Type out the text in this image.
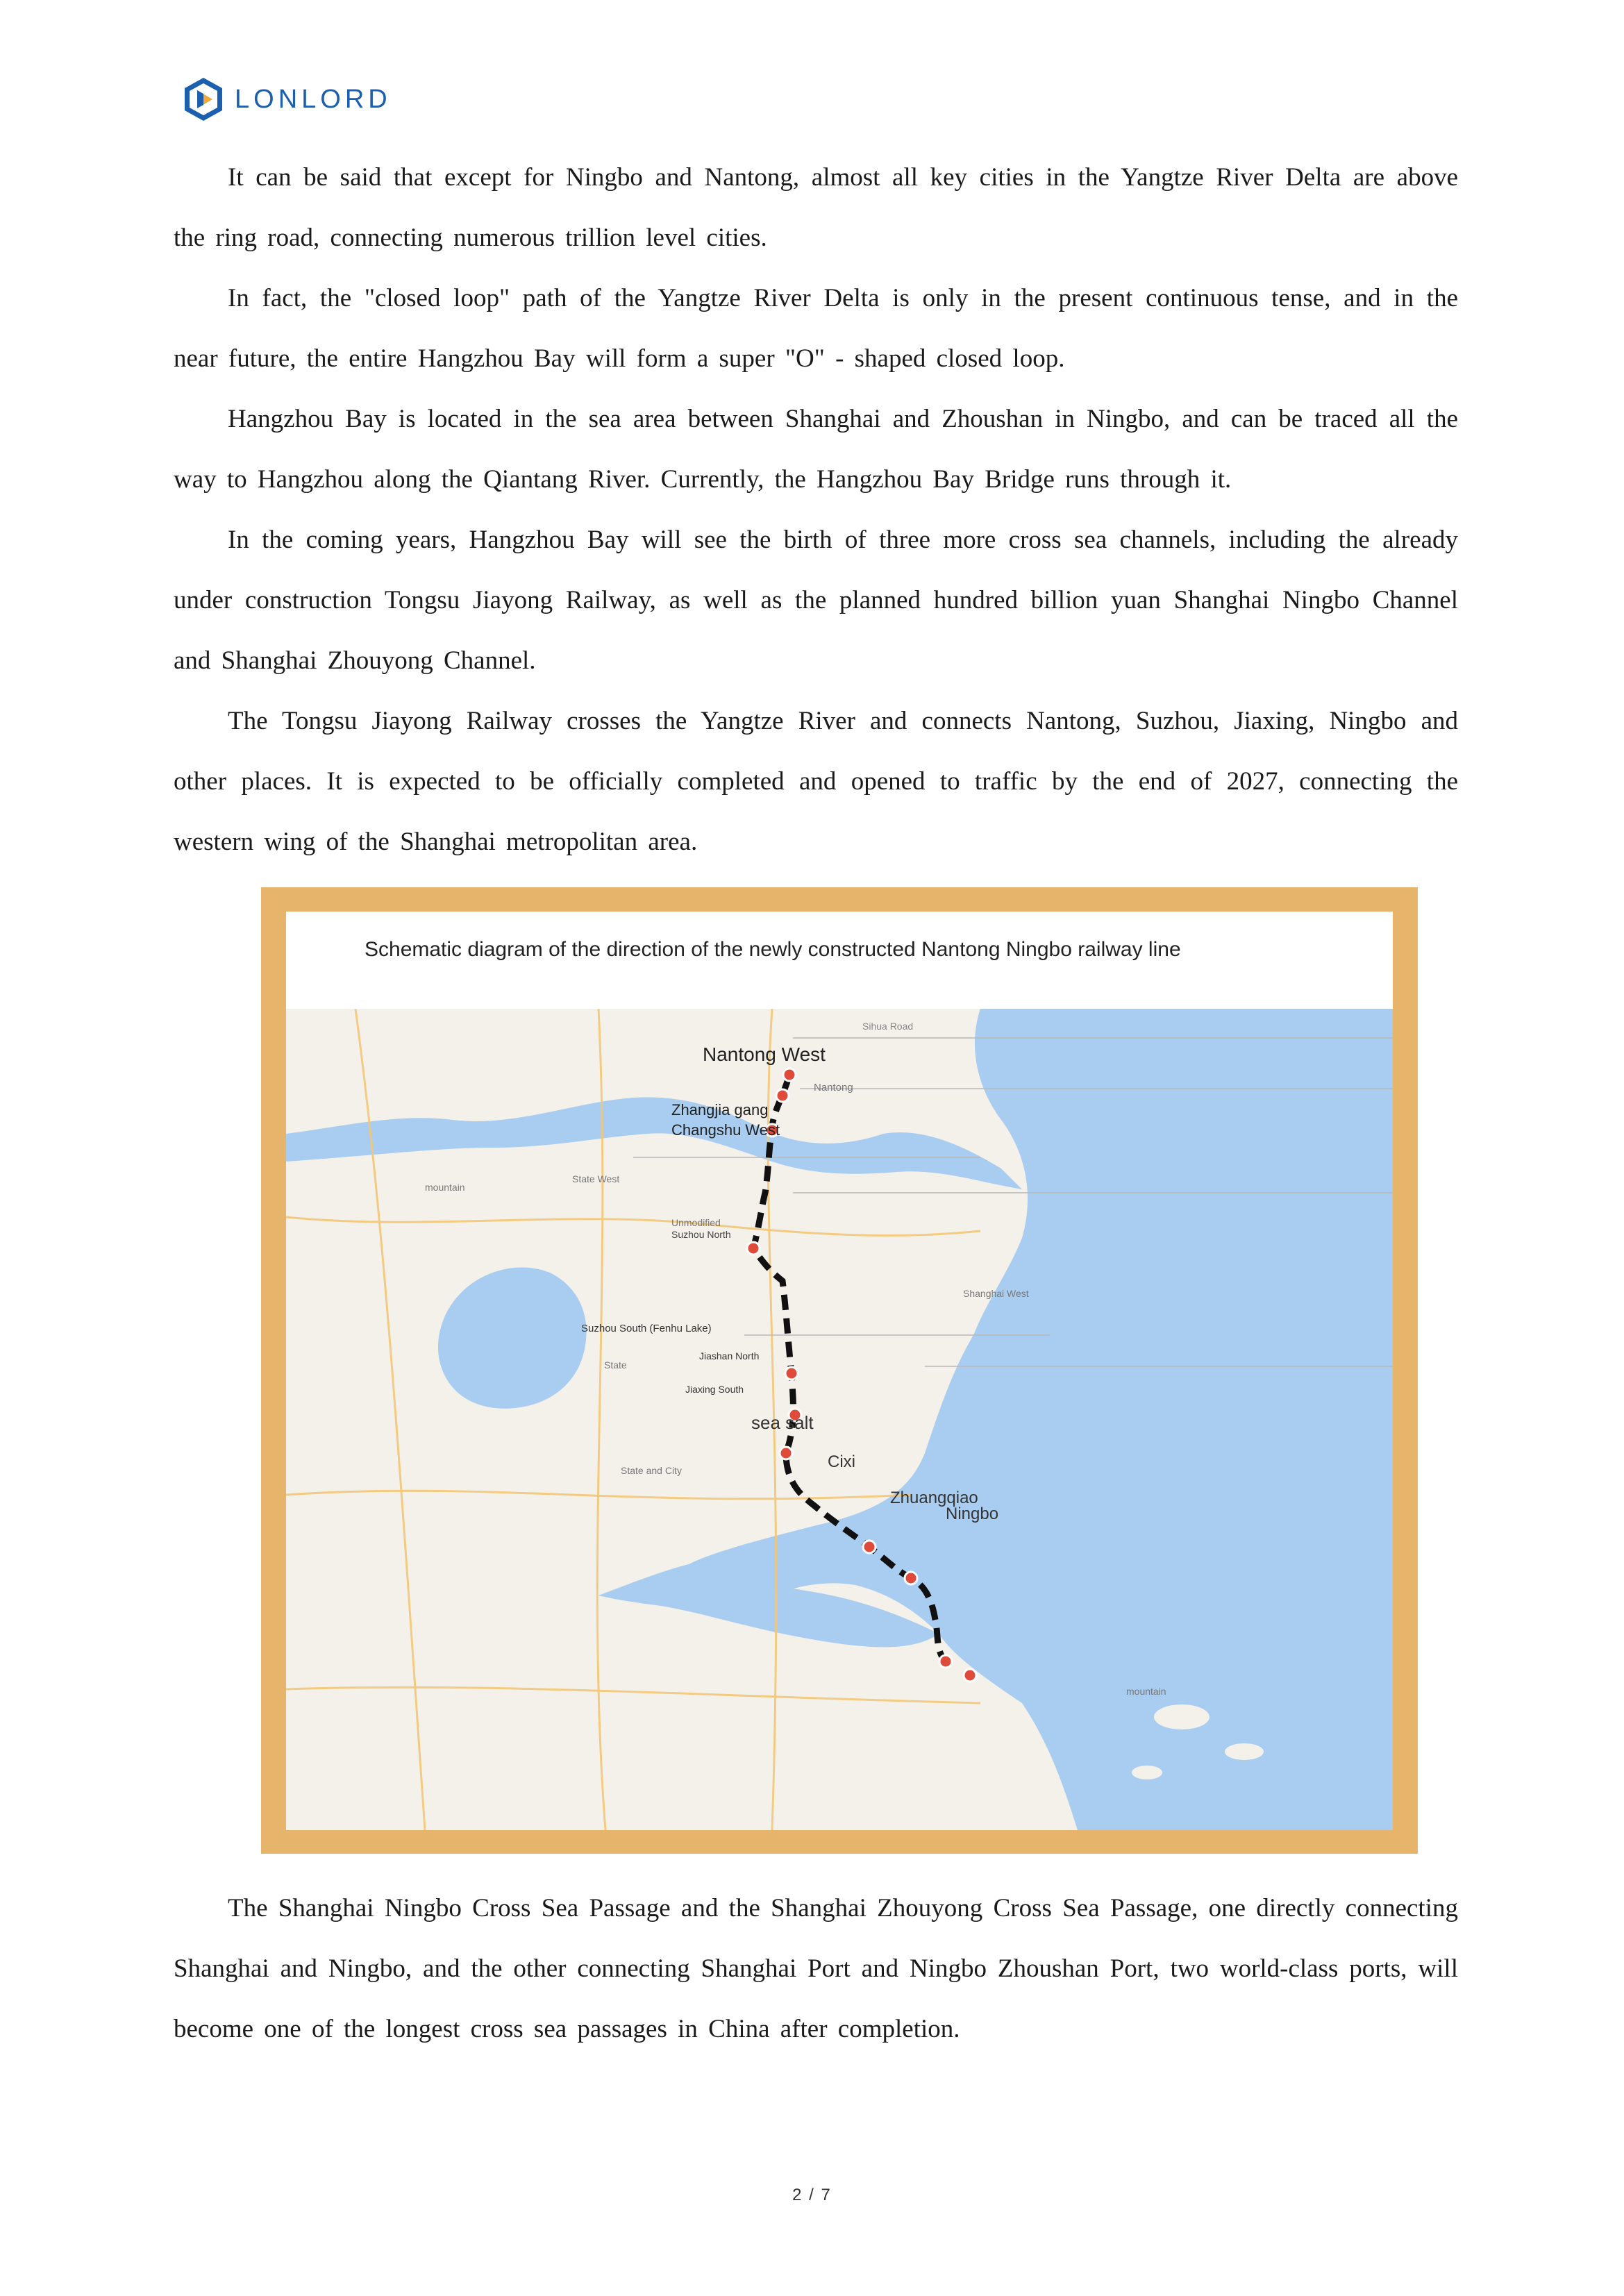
LONLORD

It can be said that except for Ningbo and Nantong, almost all key cities in the Yangtze River Delta are above the ring road, connecting numerous trillion level cities.

In fact, the "closed loop" path of the Yangtze River Delta is only in the present continuous tense, and in the near future, the entire Hangzhou Bay will form a super "O" - shaped closed loop.

Hangzhou Bay is located in the sea area between Shanghai and Zhoushan in Ningbo, and can be traced all the way to Hangzhou along the Qiantang River. Currently, the Hangzhou Bay Bridge runs through it.

In the coming years, Hangzhou Bay will see the birth of three more cross sea channels, including the already under construction Tongsu Jiayong Railway, as well as the planned hundred billion yuan Shanghai Ningbo Channel and Shanghai Zhouyong Channel.

The Tongsu Jiayong Railway crosses the Yangtze River and connects Nantong, Suzhou, Jiaxing, Ningbo and other places. It is expected to be officially completed and opened to traffic by the end of 2027, connecting the western wing of the Shanghai metropolitan area.

Schematic diagram of the direction of the newly constructed Nantong Ningbo railway line
Nantong West
Nantong
Zhangjia gang
Changshu West
Unmodified
Suzhou North
Suzhou South (Fenhu Lake)
Jiashan North
Jiaxing South
sea salt
Cixi
Zhuangqiao
Ningbo
Sihua Road
State West
mountain
mountain
Shanghai West
State
State and City

The Shanghai Ningbo Cross Sea Passage and the Shanghai Zhouyong Cross Sea Passage, one directly connecting Shanghai and Ningbo, and the other connecting Shanghai Port and Ningbo Zhoushan Port, two world-class ports, will become one of the longest cross sea passages in China after completion.

2 / 7
